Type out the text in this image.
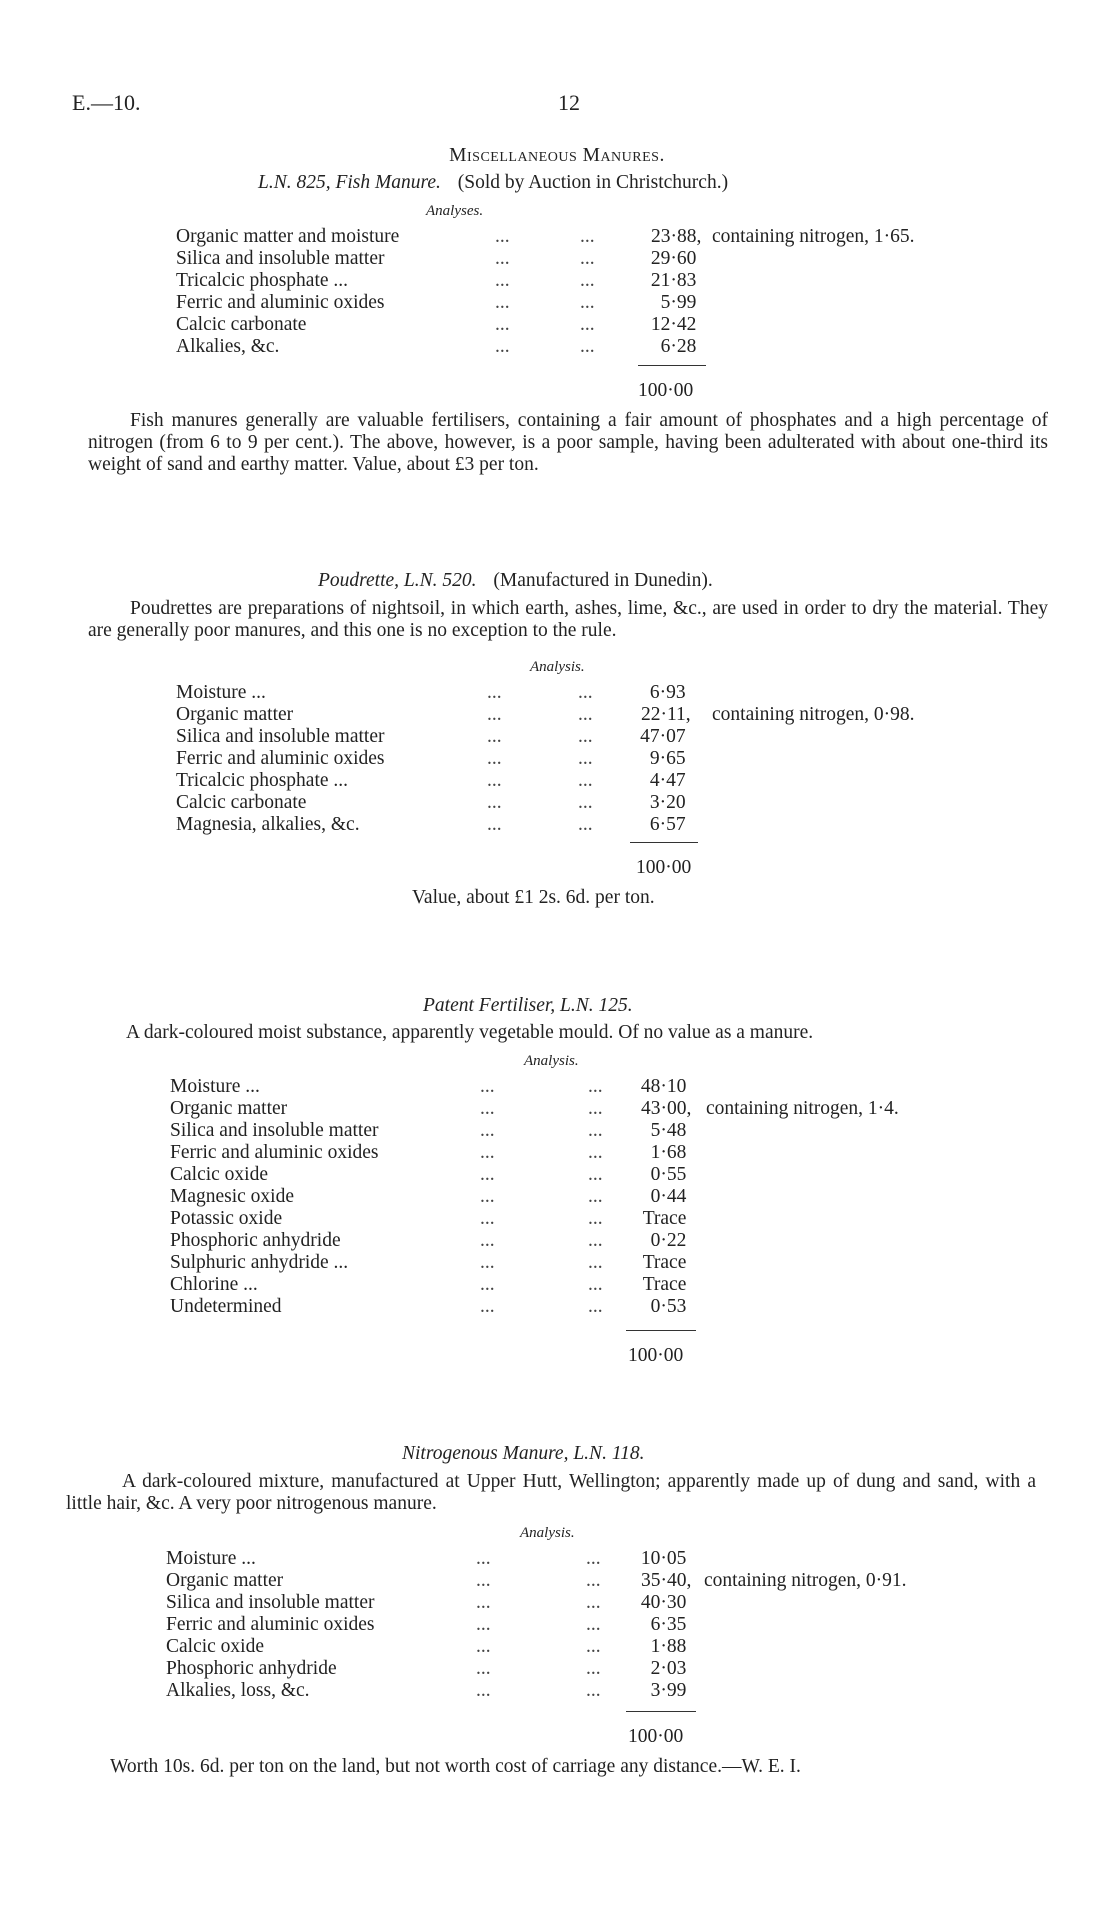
E.—10.	12
Miscellaneous Manures.
L.N. 825, Fish Manure. (Sold by Auction in Christchurch.)
Analyses.
Organic matter and moisture	...	...	23·88, containing nitrogen, 1·65.
Silica and insoluble matter	...	...	29·60
Tricalcic phosphate ...	...	...	21·83
Ferric and aluminic oxides	...	...	5·99
Calcic carbonate	...	...	12·42
Alkalies, &c.	...	...	6·28
100·00
Fish manures generally are valuable fertilisers, containing a fair amount of phosphates and a high percentage of nitrogen (from 6 to 9 per cent.). The above, however, is a poor sample, having been adulterated with about one-third its weight of sand and earthy matter. Value, about £3 per ton.
Poudrette, L.N. 520. (Manufactured in Dunedin).
Poudrettes are preparations of nightsoil, in which earth, ashes, lime, &c., are used in order to dry the material. They are generally poor manures, and this one is no exception to the rule.
Analysis.
Moisture ...	...	...	6·93
Organic matter	...	... 22·11, containing nitrogen, 0·98.
Silica and insoluble matter	...	... 47·07
Ferric and aluminic oxides	...	...	9·65
Tricalcic phosphate ...	...	...	4·47
Calcic carbonate	...	...	3·20
Magnesia, alkalies, &c.	...	...	6·57
100·00
Value, about £1 2s. 6d. per ton.
Patent Fertiliser, L.N. 125.
A dark-coloured moist substance, apparently vegetable mould. Of no value as a manure.
Analysis.
Moisture ...	...	... 48·10
Organic matter	...	... 43·00, containing nitrogen, 1·4.
Silica and insoluble matter	...	... 5·48
Ferric and aluminic oxides	...	... 1·68
Calcic oxide	...	... 0·55
Magnesic oxide	...	... 0·44
Potassic oxide	...	... Trace
Phosphoric anhydride	...	... 0·22
Sulphuric anhydride ...	...	... Trace
Chlorine ...	...	... Trace
Undetermined	...	... 0·53
100·00
Nitrogenous Manure, L.N. 118.
A dark-coloured mixture, manufactured at Upper Hutt, Wellington; apparently made up of dung and sand, with a little hair, &c. A very poor nitrogenous manure.
Analysis.
Moisture ...	...	... 10·05
Organic matter	...	... 35·40, containing nitrogen, 0·91.
Silica and insoluble matter	...	... 40·30
Ferric and aluminic oxides	...	...	6·35
Calcic oxide	...	...	1·88
Phosphoric anhydride	...	...	2·03
Alkalies, loss, &c.	...	...	3·99
100·00
Worth 10s. 6d. per ton on the land, but not worth cost of carriage any distance.—W. E. I.
